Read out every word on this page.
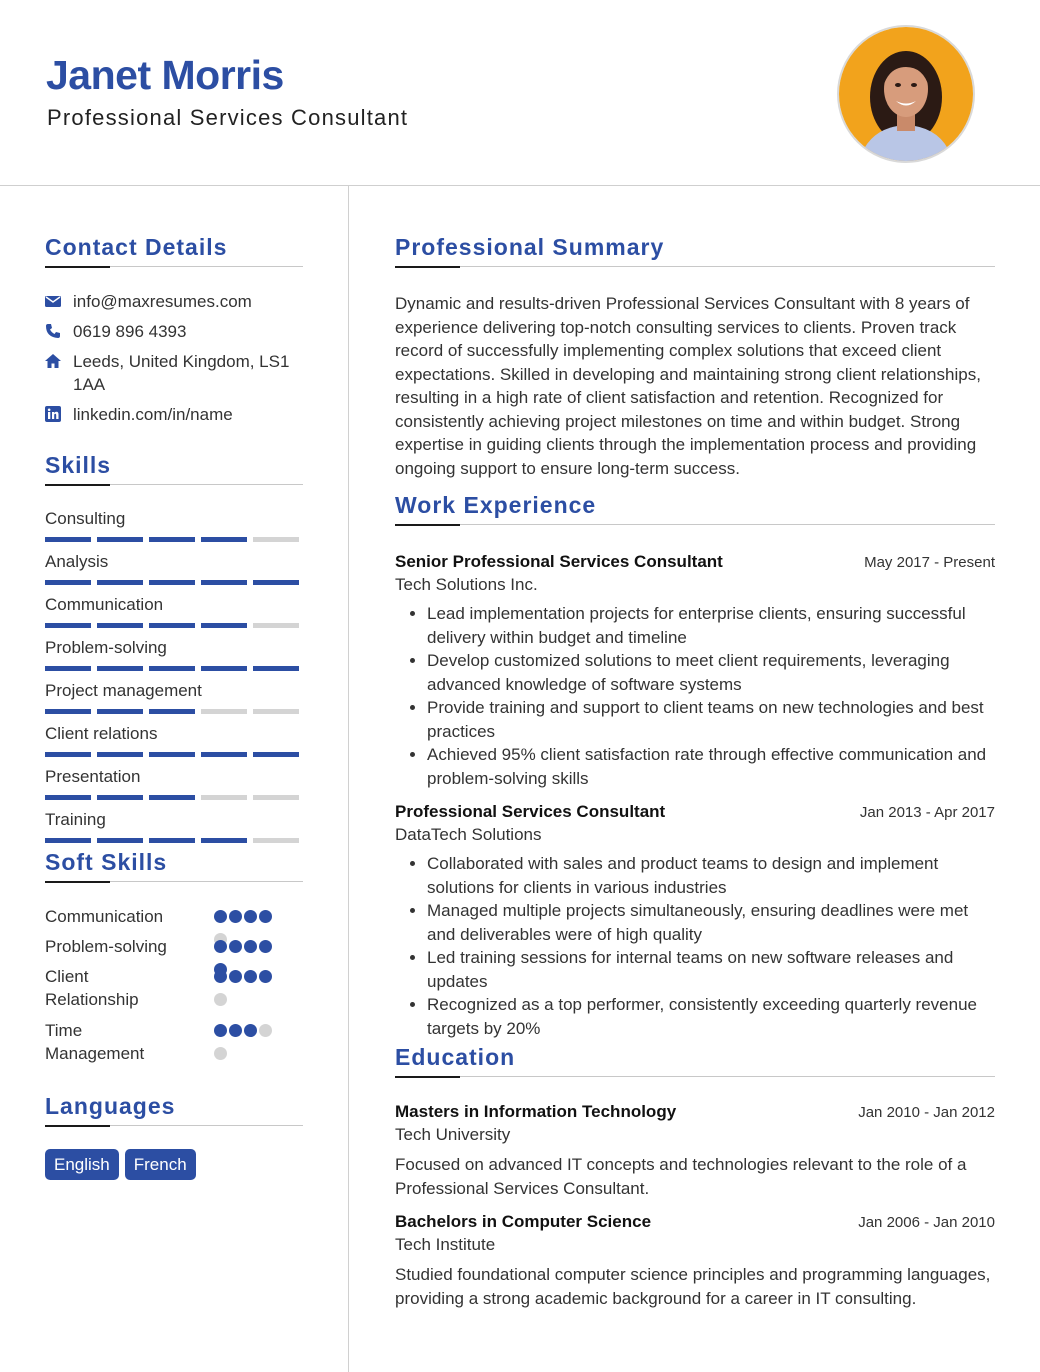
Janet Morris
Professional Services Consultant
Contact Details
info@maxresumes.com
0619 896 4393
Leeds, United Kingdom, LS1 1AA
linkedin.com/in/name
Skills
Consulting
Analysis
Communication
Problem-solving
Project management
Client relations
Presentation
Training
Soft Skills
Communication
Problem-solving
Client Relationship
Time Management
Languages
English	French
Professional Summary

Dynamic and results-driven Professional Services Consultant with 8 years of experience delivering top-notch consulting services to clients. Proven track record of successfully implementing complex solutions that exceed client expectations. Skilled in developing and maintaining strong client relationships, resulting in a high rate of client satisfaction and retention. Recognized for consistently achieving project milestones on time and within budget. Strong expertise in guiding clients through the implementation process and providing ongoing support to ensure long-term success.

Work Experience
Senior Professional Services Consultant	May 2017 - Present
Tech Solutions Inc.
• Lead implementation projects for enterprise clients, ensuring successful delivery within budget and timeline
• Develop customized solutions to meet client requirements, leveraging advanced knowledge of software systems
• Provide training and support to client teams on new technologies and best practices
• Achieved 95% client satisfaction rate through effective communication and problem-solving skills
Professional Services Consultant	Jan 2013 - Apr 2017
DataTech Solutions
• Collaborated with sales and product teams to design and implement solutions for clients in various industries
• Managed multiple projects simultaneously, ensuring deadlines were met and deliverables were of high quality
• Led training sessions for internal teams on new software releases and updates
• Recognized as a top performer, consistently exceeding quarterly revenue targets by 20%
Education
Masters in Information Technology	Jan 2010 - Jan 2012
Tech University
Focused on advanced IT concepts and technologies relevant to the role of a Professional Services Consultant.
Bachelors in Computer Science	Jan 2006 - Jan 2010
Tech Institute
Studied foundational computer science principles and programming languages, providing a strong academic background for a career in IT consulting.
